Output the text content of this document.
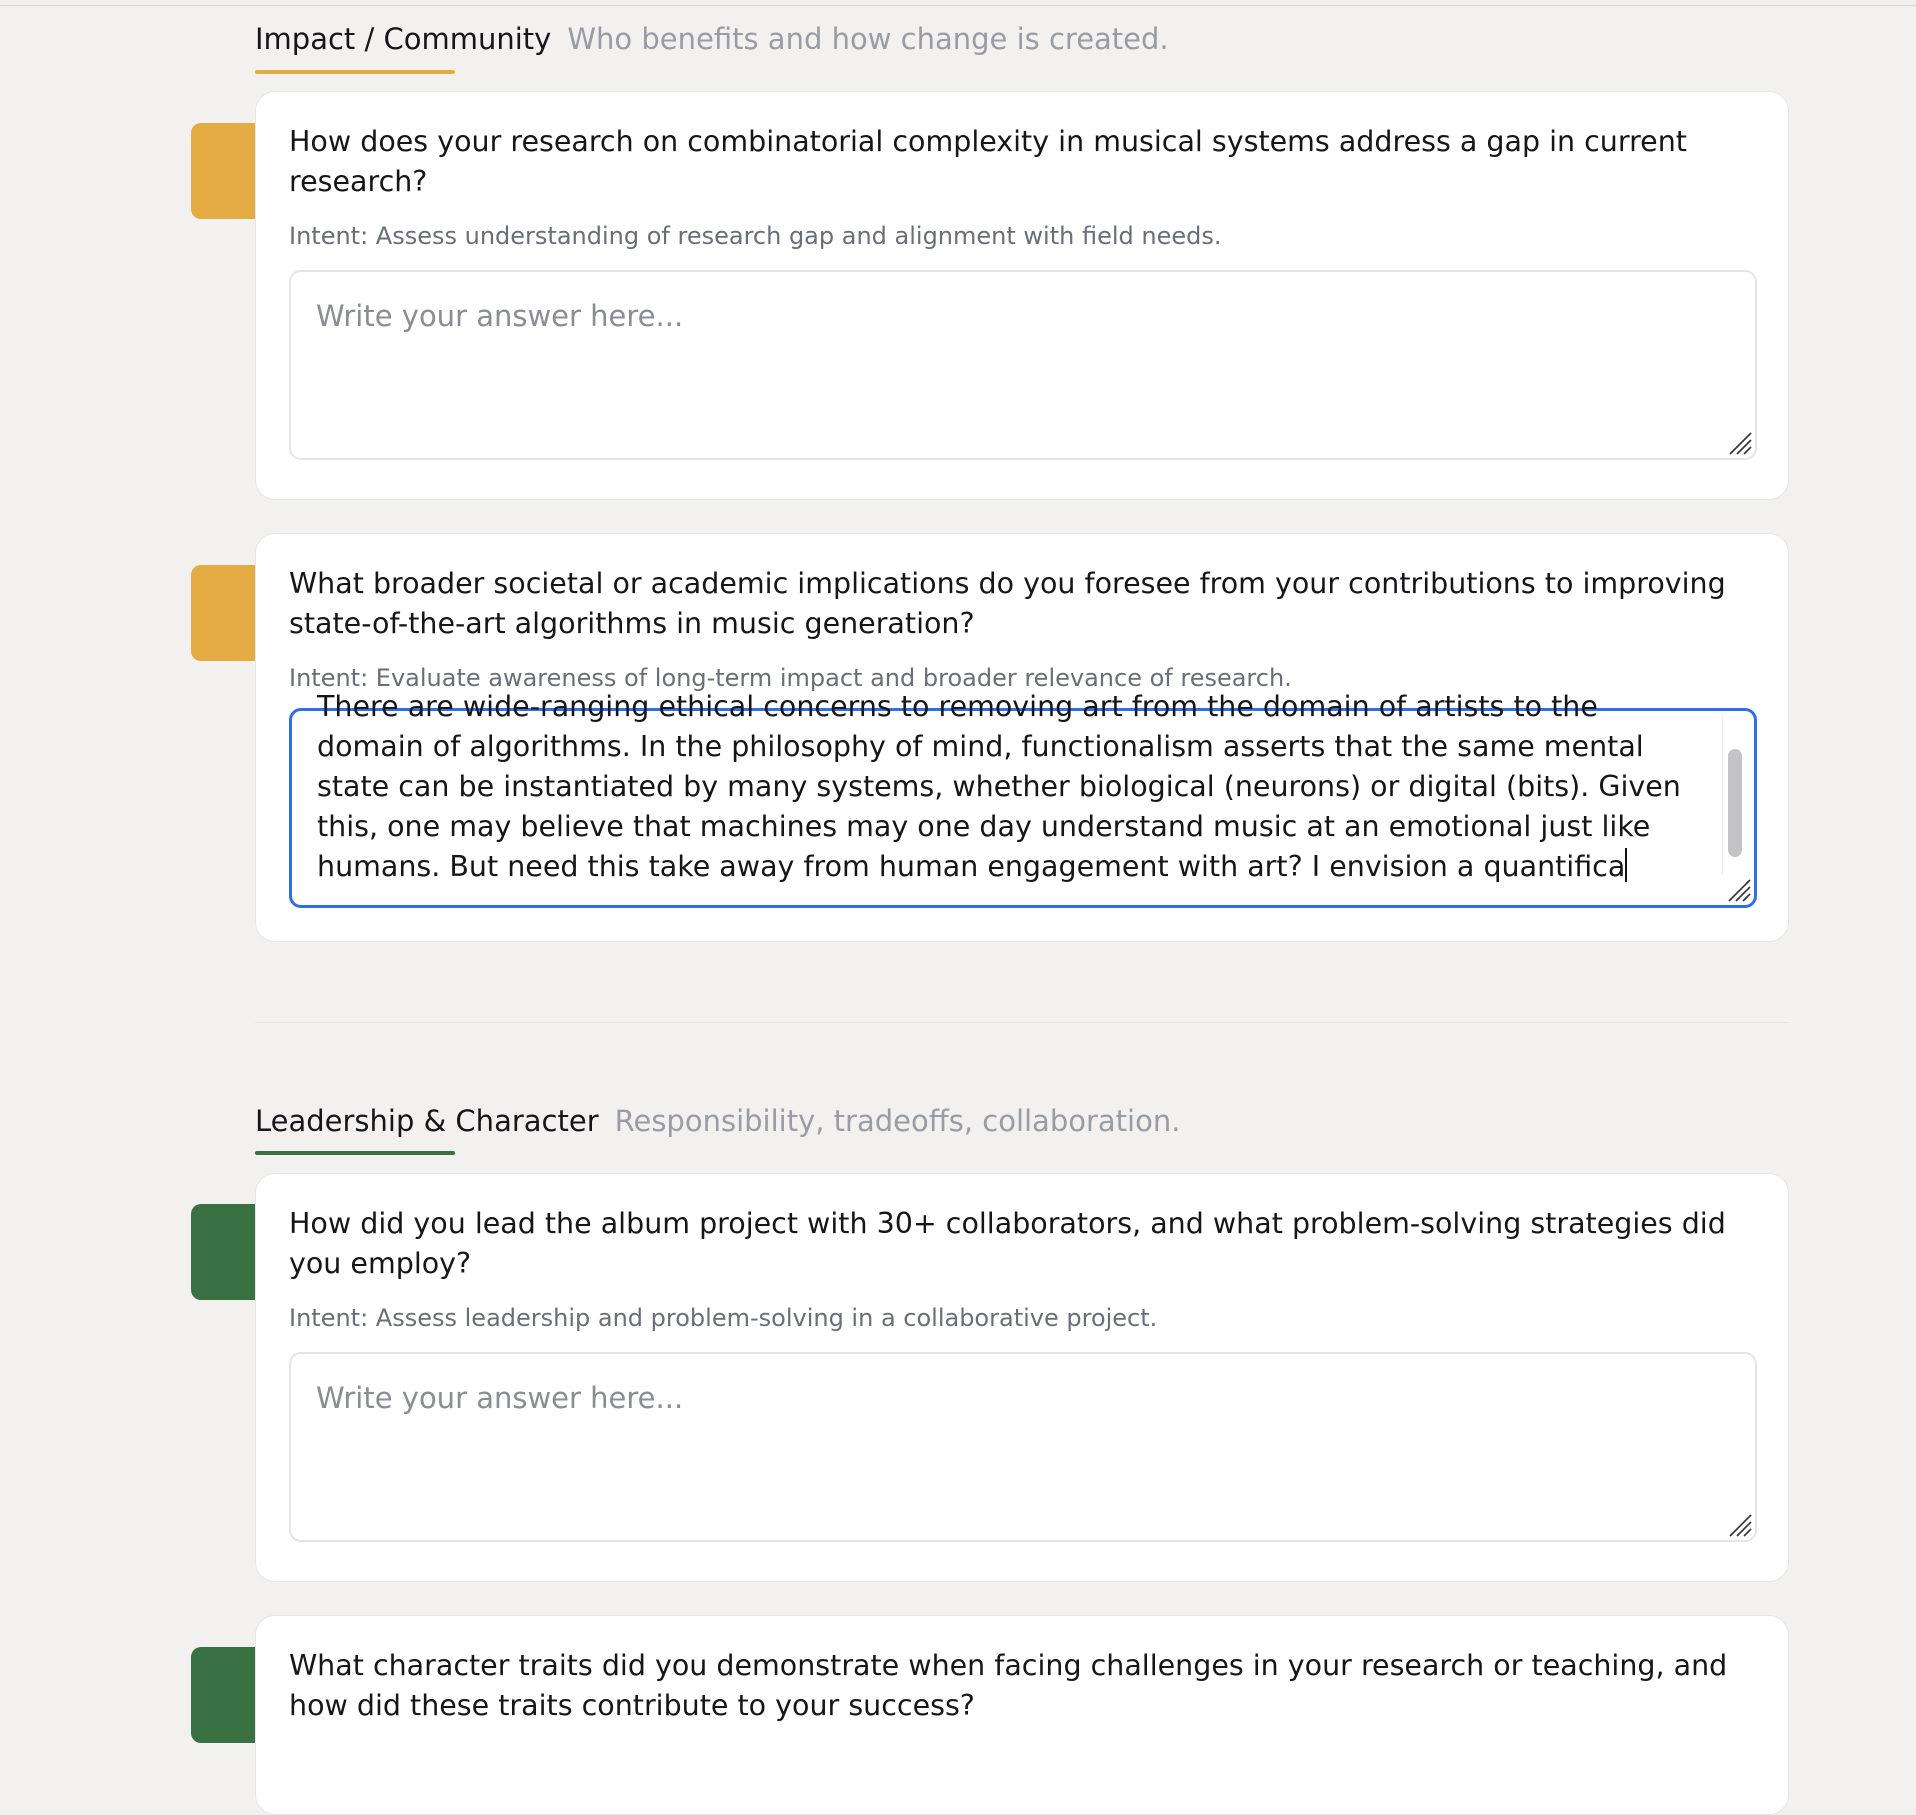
Impact / Community Who benefits and how change is created.
How does your research on combinatorial complexity in musical systems address a gap in current research?
Intent: Assess understanding of research gap and alignment with field needs.
Write your answer here...
What broader societal or academic implications do you foresee from your contributions to improving state-of-the-art algorithms in music generation?
Intent: Evaluate awareness of long-term impact and broader relevance of research.
There are wide-ranging ethical concerns to removing art from the domain of artists to the domain of algorithms. In the philosophy of mind, functionalism asserts that the same mental state can be instantiated by many systems, whether biological (neurons) or digital (bits). Given this, one may believe that machines may one day understand music at an emotional just like humans. But need this take away from human engagement with art? I envision a quantifica
Leadership & Character Responsibility, tradeoffs, collaboration.
How did you lead the album project with 30+ collaborators, and what problem-solving strategies did you employ?
Intent: Assess leadership and problem-solving in a collaborative project.
Write your answer here...
What character traits did you demonstrate when facing challenges in your research or teaching, and how did these traits contribute to your success?
